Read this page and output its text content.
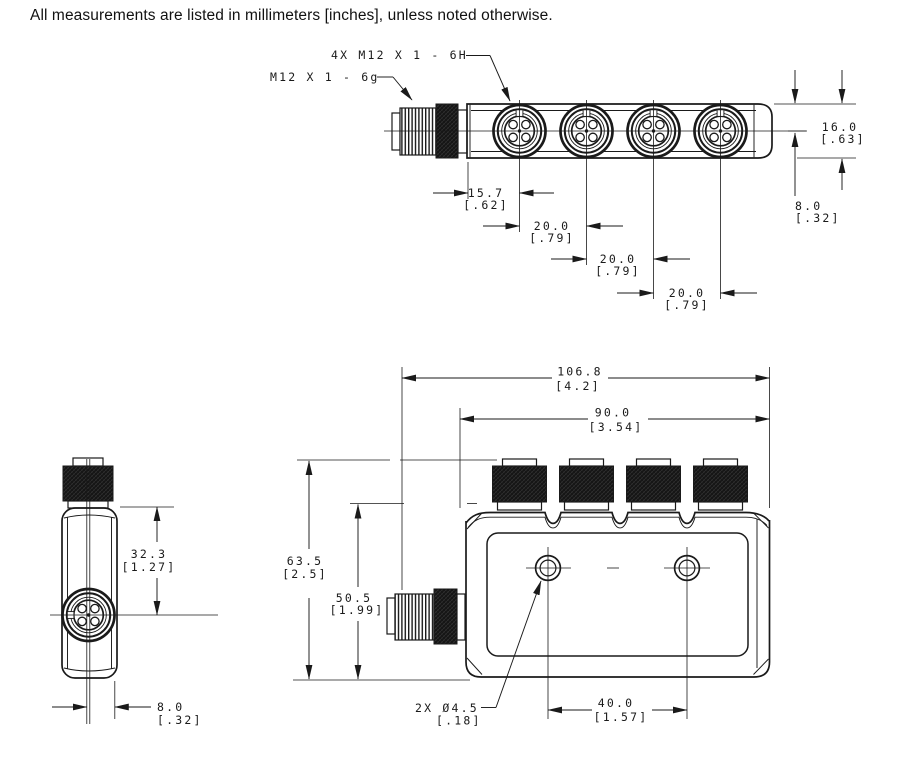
All measurements are listed in millimeters [inches], unless noted otherwise.
4X M12 X 1 - 6H
M12 X 1 - 6g
15.7
[.62]
20.0
[.79]
20.0
[.79]
20.0
[.79]
16.0
[.63]
8.0
[.32]
32.3
[1.27]
8.0
[.32]
106.8
[4.2]
90.0
[3.54]
63.5
[2.5]
50.5
[1.99]
40.0
[1.57]
2X Ø4.5
[.18]
